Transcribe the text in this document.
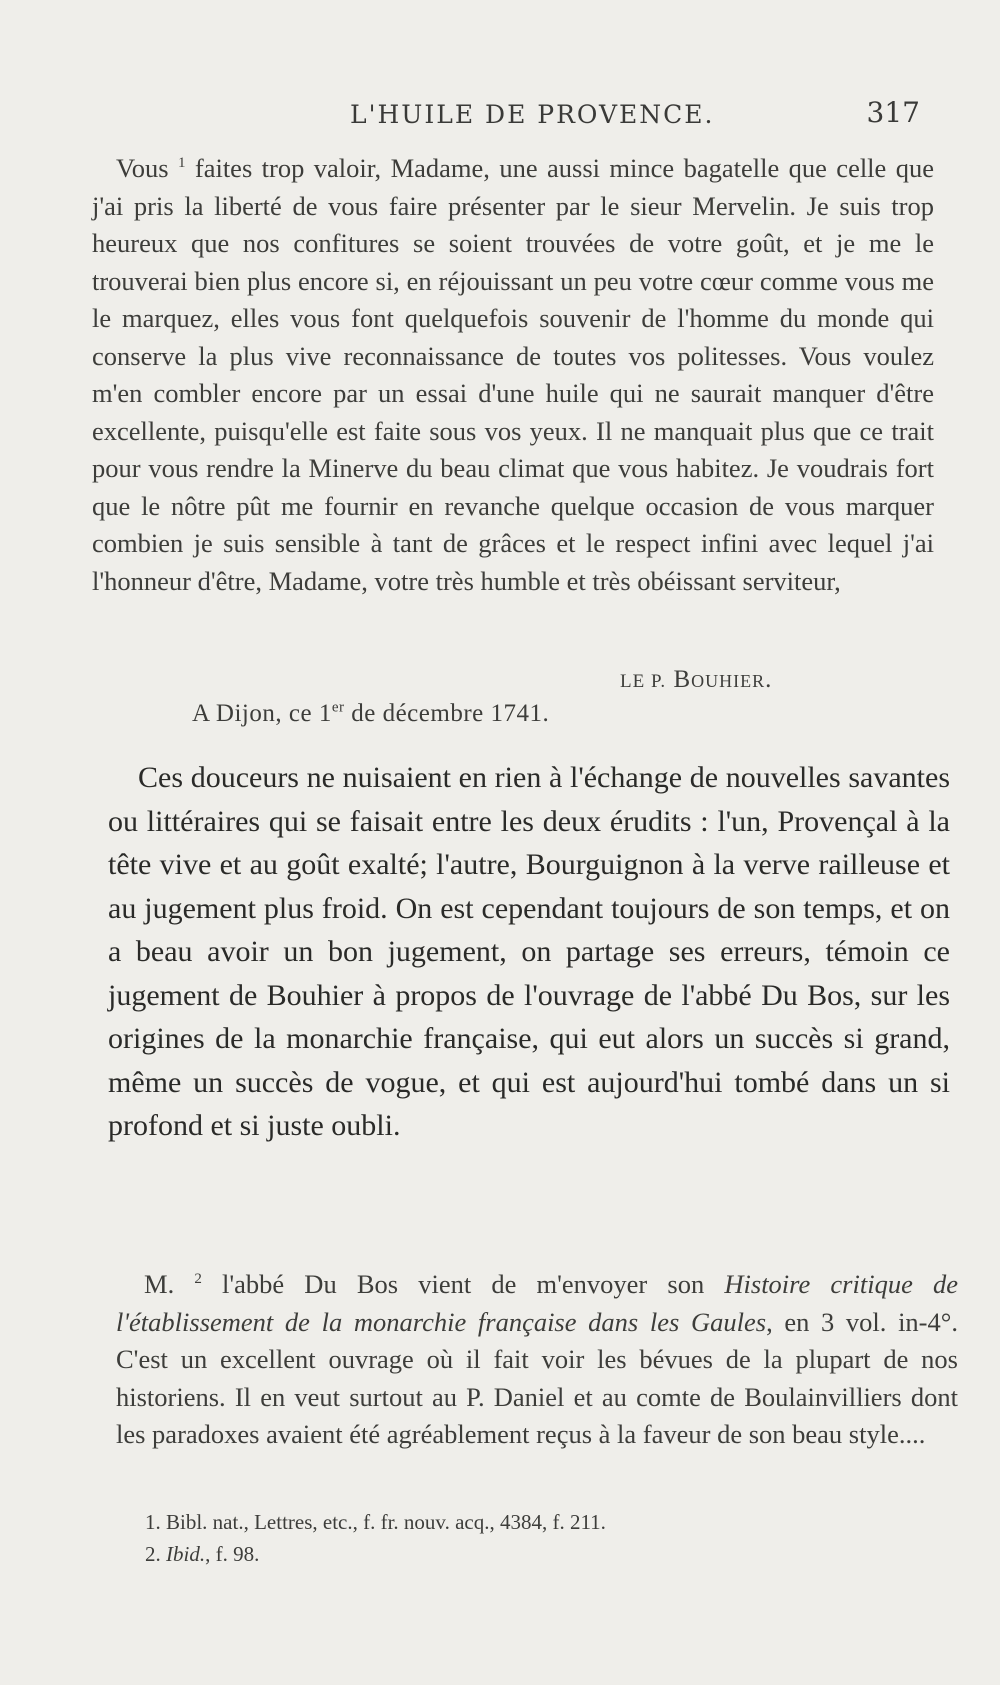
L'HUILE DE PROVENCE.	317

Vous $^1$ faites trop valoir, Madame, une aussi mince bagatelle que celle que j'ai pris la liberté de vous faire présenter par le sieur Mervelin. Je suis trop heureux que nos confitures se soient trouvées de votre goût, et je me le trouverai bien plus encore si, en réjouissant un peu votre cœur comme vous me le marquez, elles vous font quelquefois souvenir de l'homme du monde qui conserve la plus vive reconnaissance de toutes vos politesses. Vous voulez m'en combler encore par un essai d'une huile qui ne saurait manquer d'être excellente, puisqu'elle est faite sous vos yeux. Il ne manquait plus que ce trait pour vous rendre la Minerve du beau climat que vous habitez. Je voudrais fort que le nôtre pût me fournir en revanche quelque occasion de vous marquer combien je suis sensible à tant de grâces et le respect infini avec lequel j'ai l'honneur d'être, Madame, votre très humble et très obéissant serviteur,

LE P. Bouhier.
A Dijon, ce 1er de décembre 1741.

Ces douceurs ne nuisaient en rien à l'échange de nouvelles savantes ou littéraires qui se faisait entre les deux érudits : l'un, Provençal à la tête vive et au goût exalté; l'autre, Bourguignon à la verve railleuse et au jugement plus froid. On est cependant toujours de son temps, et on a beau avoir un bon jugement, on partage ses erreurs, témoin ce jugement de Bouhier à propos de l'ouvrage de l'abbé Du Bos, sur les origines de la monarchie française, qui eut alors un succès si grand, même un succès de vogue, et qui est aujourd'hui tombé dans un si profond et si juste oubli.

M. $^2$ l'abbé Du Bos vient de m'envoyer son Histoire critique de l'établissement de la monarchie française dans les Gaules, en 3 vol. in-4°. C'est un excellent ouvrage où il fait voir les bévues de la plupart de nos historiens. Il en veut surtout au P. Daniel et au comte de Boulainvilliers dont les paradoxes avaient été agréablement reçus à la faveur de son beau style....

1. Bibl. nat., Lettres, etc., f. fr. nouv. acq., 4384, f. 211.
2. Ibid., f. 98.
